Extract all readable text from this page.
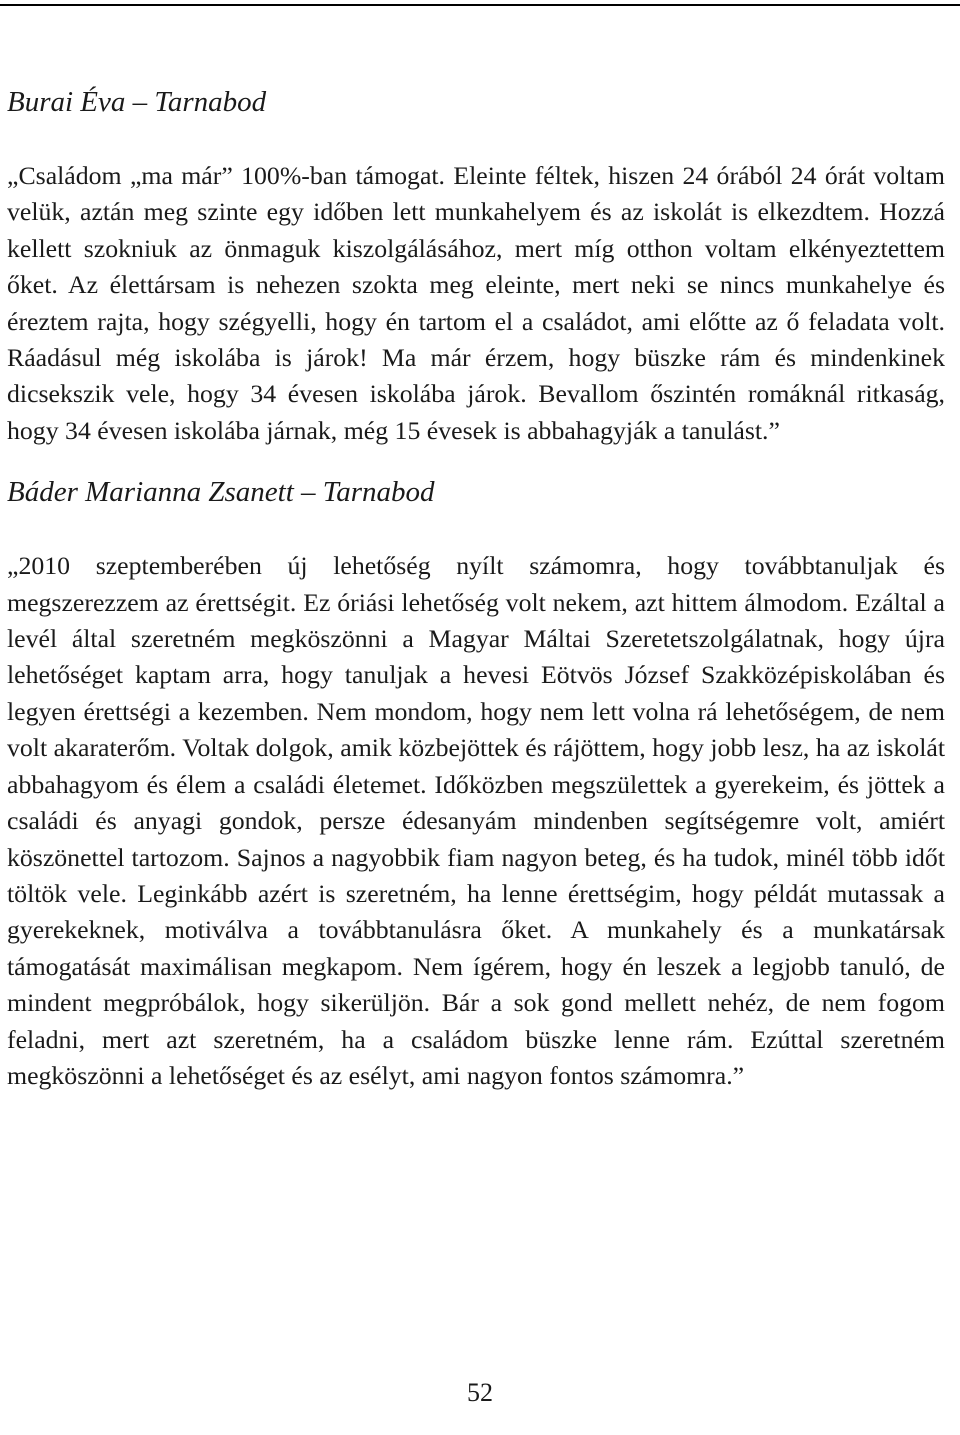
Burai Éva – Tarnabod

„Családom „ma már” 100%-ban támogat. Eleinte féltek, hiszen 24 órából 24 órát voltam velük, aztán meg szinte egy időben lett munkahelyem és az iskolát is elkezdtem. Hozzá kellett szokniuk az önmaguk kiszolgálásához, mert míg otthon voltam elkényeztettem őket. Az élettársam is nehezen szokta meg eleinte, mert neki se nincs munkahelye és éreztem rajta, hogy szégyelli, hogy én tartom el a családot, ami előtte az ő feladata volt. Ráadásul még iskolába is járok! Ma már érzem, hogy büszke rám és mindenkinek dicsekszik vele, hogy 34 évesen iskolába járok. Bevallom őszintén romáknál ritkaság, hogy 34 évesen iskolába járnak, még 15 évesek is abbahagyják a tanulást.”

Báder Marianna Zsanett – Tarnabod

„2010 szeptemberében új lehetőség nyílt számomra, hogy továbbtanuljak és megszerezzem az érettségit. Ez óriási lehetőség volt nekem, azt hittem álmodom. Ezáltal a levél által szeretném megköszönni a Magyar Máltai Szeretetszolgálatnak, hogy újra lehetőséget kaptam arra, hogy tanuljak a hevesi Eötvös József Szakközépiskolában és legyen érettségi a kezemben. Nem mondom, hogy nem lett volna rá lehetőségem, de nem volt akaraterőm. Voltak dolgok, amik közbejöttek és rájöttem, hogy jobb lesz, ha az iskolát abbahagyom és élem a családi életemet. Időközben megszülettek a gyerekeim, és jöttek a családi és anyagi gondok, persze édesanyám mindenben segítségemre volt, amiért köszönettel tartozom. Sajnos a nagyobbik fiam nagyon beteg, és ha tudok, minél több időt töltök vele. Leginkább azért is szeretném, ha lenne érettségim, hogy példát mutassak a gyerekeknek, motiválva a továbbtanulásra őket. A munkahely és a munkatársak támogatását maximálisan megkapom. Nem ígérem, hogy én leszek a legjobb tanuló, de mindent megpróbálok, hogy sikerüljön. Bár a sok gond mellett nehéz, de nem fogom feladni, mert azt szeretném, ha a családom büszke lenne rám. Ezúttal szeretném megköszönni a lehetőséget és az esélyt, ami nagyon fontos számomra.”

52
